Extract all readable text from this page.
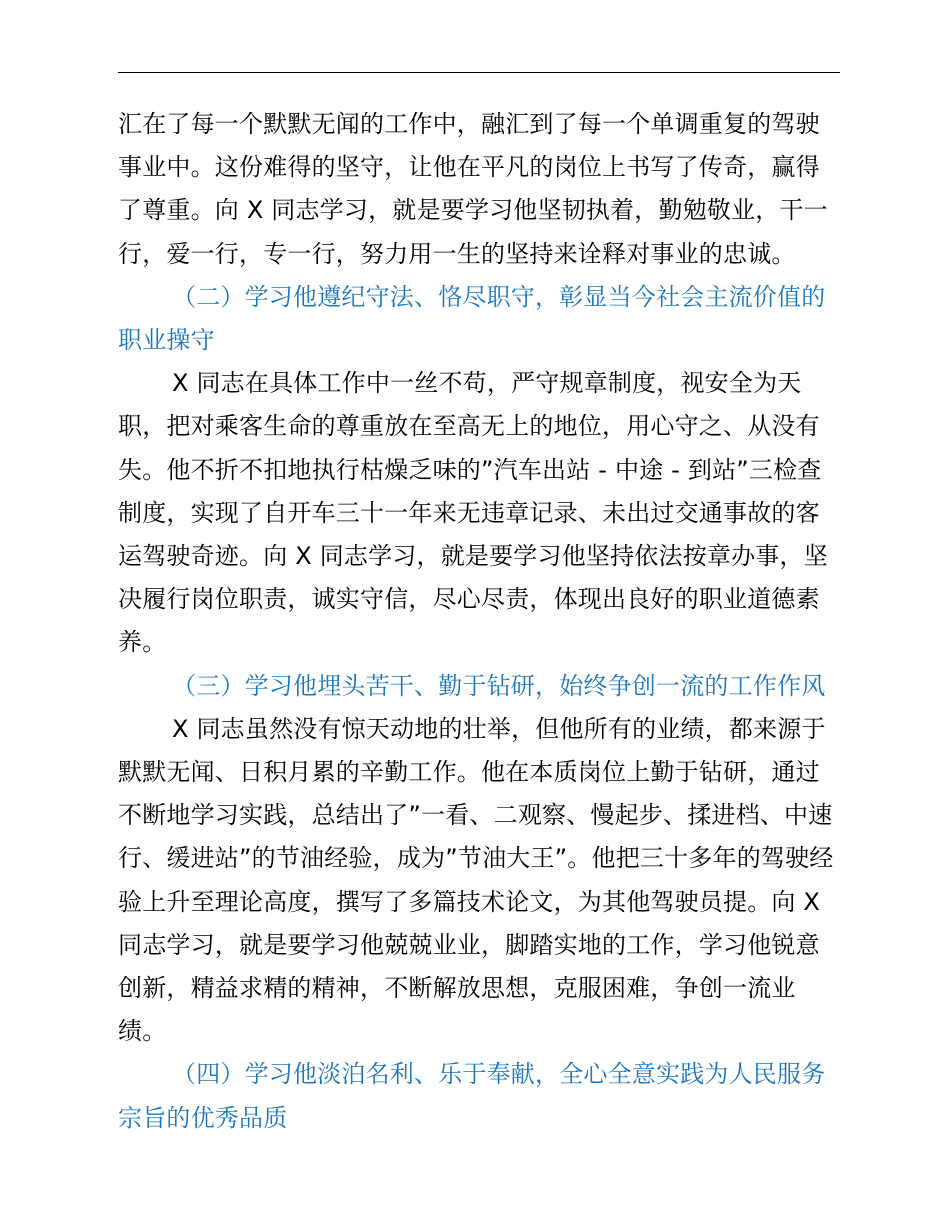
汇在了每一个默默无闻的工作中，融汇到了每一个单调重复的驾驶事业中。这份难得的坚守，让他在平凡的岗位上书写了传奇，赢得了尊重。向 X 同志学习，就是要学习他坚韧执着，勤勉敬业，干一行，爱一行，专一行，努力用一生的坚持来诠释对事业的忠诚。

（二）学习他遵纪守法、恪尽职守，彰显当今社会主流价值的职业操守

X 同志在具体工作中一丝不苟，严守规章制度，视安全为天职，把对乘客生命的尊重放在至高无上的地位，用心守之、从没有失。他不折不扣地执行枯燥乏味的”汽车出站 - 中途 - 到站”三检查制度，实现了自开车三十一年来无违章记录、未出过交通事故的客运驾驶奇迹。向 X 同志学习，就是要学习他坚持依法按章办事，坚决履行岗位职责，诚实守信，尽心尽责，体现出良好的职业道德素养。

（三）学习他埋头苦干、勤于钻研，始终争创一流的工作作风

X 同志虽然没有惊天动地的壮举，但他所有的业绩，都来源于默默无闻、日积月累的辛勤工作。他在本质岗位上勤于钻研，通过不断地学习实践，总结出了”一看、二观察、慢起步、揉进档、中速行、缓进站”的节油经验，成为”节油大王”。他把三十多年的驾驶经验上升至理论高度，撰写了多篇技术论文，为其他驾驶员提。向 X 同志学习，就是要学习他兢兢业业，脚踏实地的工作，学习他锐意创新，精益求精的精神，不断解放思想，克服困难，争创一流业绩。

（四）学习他淡泊名利、乐于奉献，全心全意实践为人民服务宗旨的优秀品质
